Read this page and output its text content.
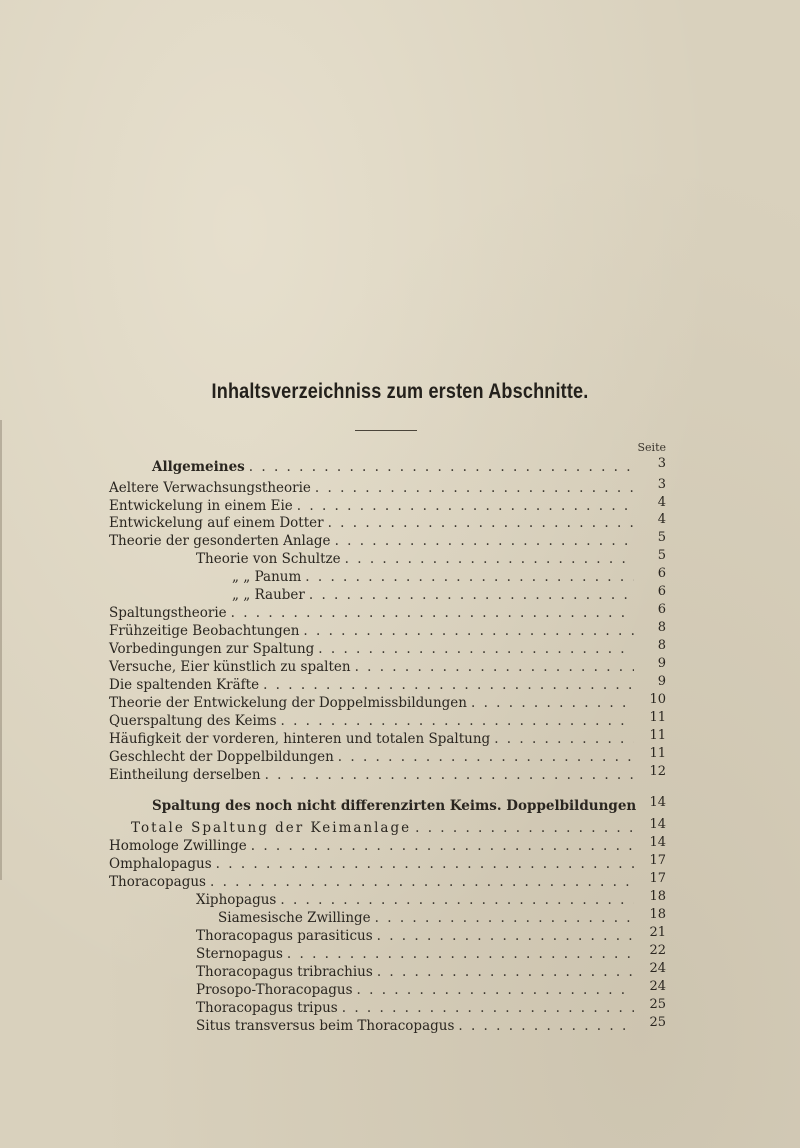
Inhaltsverzeichniss zum ersten Abschnitte.
Seite
Allgemeines . . .	3
Aeltere Verwachsungstheorie . . .	3
Entwickelung in einem Eie . . .	4
Entwickelung auf einem Dotter . . .	4
Theorie der gesonderten Anlage . . .	5
Theorie von Schultze . . .	5
„ „ Panum . . .	6
„ „ Rauber . . .	6
Spaltungstheorie . . .	6
Frühzeitige Beobachtungen . . .	8
Vorbedingungen zur Spaltung . . .	8
Versuche, Eier künstlich zu spalten . . .	9
Die spaltenden Kräfte . . .	9
Theorie der Entwickelung der Doppelmissbildungen . . .	10
Querspaltung des Keims . . .	11
Häufigkeit der vorderen, hinteren und totalen Spaltung . . .	11
Geschlecht der Doppelbildungen . . .	11
Eintheilung derselben . . .	12
Spaltung des noch nicht differenzirten Keims. Doppelbildungen	14
Totale Spaltung der Keimanlage . . .	14
Homologe Zwillinge . . .	14
Omphalopagus . . .	17
Thoracopagus . . .	17
Xiphopagus . . .	18
Siamesische Zwillinge . . .	18
Thoracopagus parasiticus . . .	21
Sternopagus . . .	22
Thoracopagus tribrachius . . .	24
Prosopo-Thoracopagus . . .	24
Thoracopagus tripus . . .	25
Situs transversus beim Thoracopagus . . .	25
